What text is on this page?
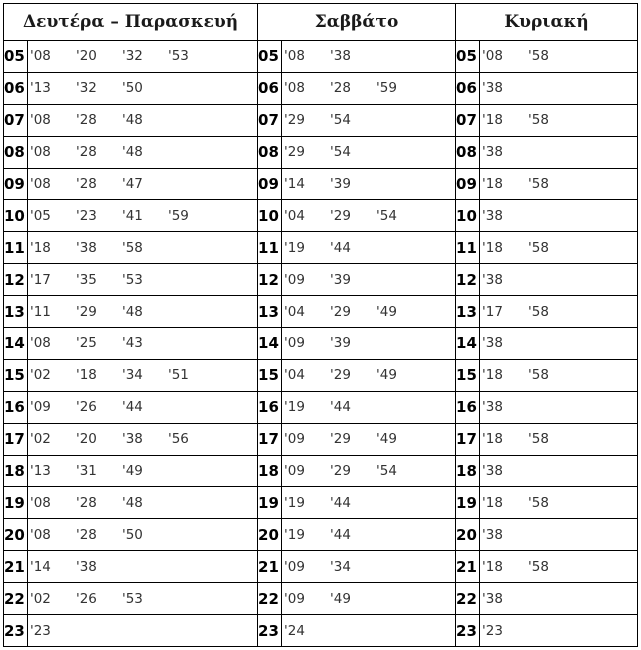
Δευτέρα – Παρασκευή		Σαββάτο		Κυριακή	
05	'08 '20 '32 '53	05	'08 '38	05	'08 '58
06	'13 '32 '50	06	'08 '28 '59	06	'38
07	'08 '28 '48	07	'29 '54	07	'18 '58
08	'08 '28 '48	08	'29 '54	08	'38
09	'08 '28 '47	09	'14 '39	09	'18 '58
10	'05 '23 '41 '59	10	'04 '29 '54	10	'38
11	'18 '38 '58	11	'19 '44	11	'18 '58
12	'17 '35 '53	12	'09 '39	12	'38
13	'11 '29 '48	13	'04 '29 '49	13	'17 '58
14	'08 '25 '43	14	'09 '39	14	'38
15	'02 '18 '34 '51	15	'04 '29 '49	15	'18 '58
16	'09 '26 '44	16	'19 '44	16	'38
17	'02 '20 '38 '56	17	'09 '29 '49	17	'18 '58
18	'13 '31 '49	18	'09 '29 '54	18	'38
19	'08 '28 '48	19	'19 '44	19	'18 '58
20	'08 '28 '50	20	'19 '44	20	'38
21	'14 '38	21	'09 '34	21	'18 '58
22	'02 '26 '53	22	'09 '49	22	'38
23	'23	23	'24	23	'23
